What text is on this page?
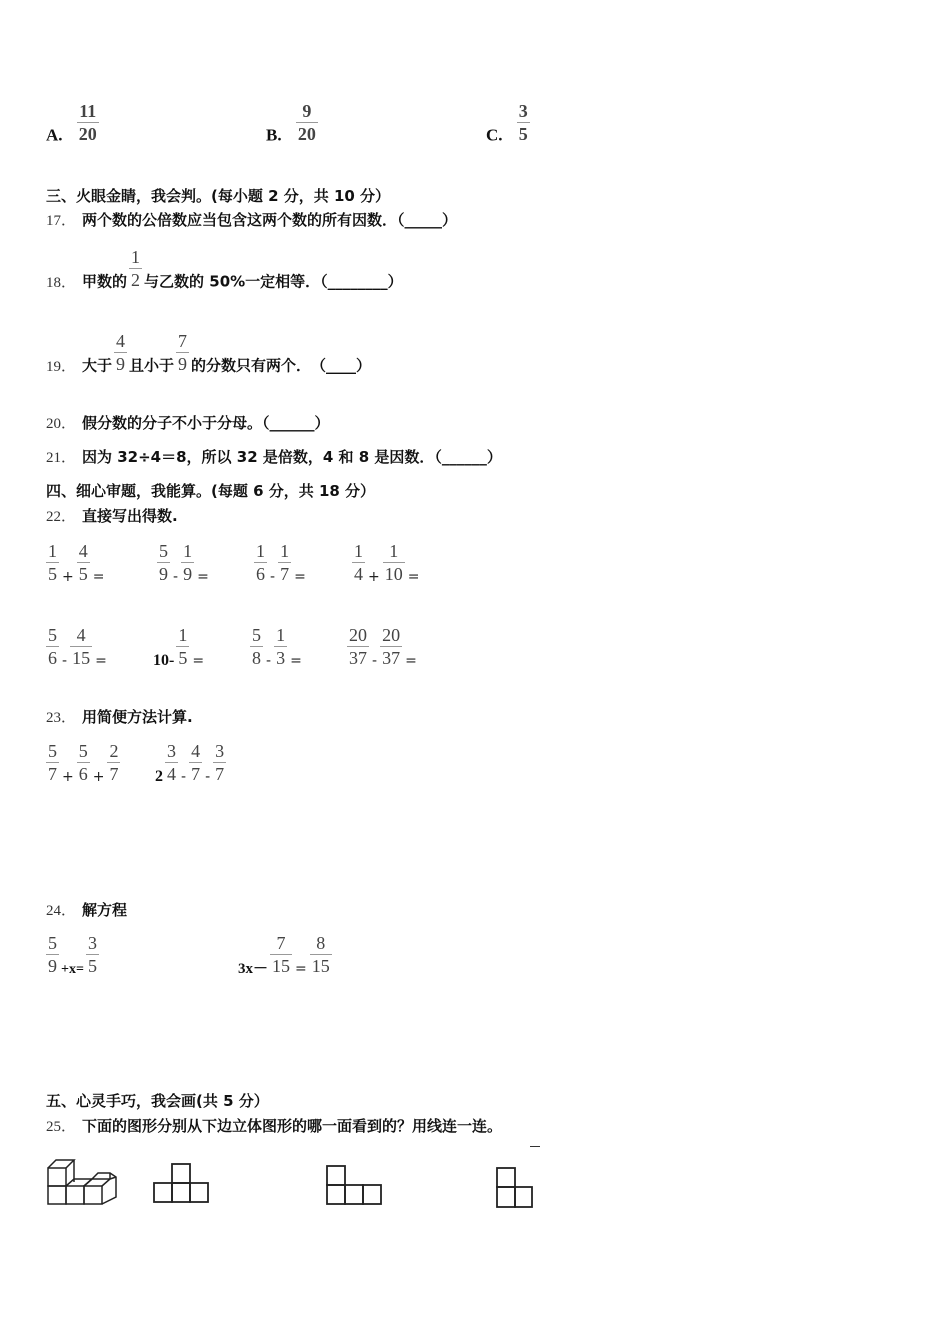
A. $\frac{11}{20}$	B. $\frac{9}{20}$	C. $\frac{3}{5}$
三、火眼金睛，我会判。(每小题 2 分，共 10 分）
17． 两个数的公倍数应当包含这两个数的所有因数．（_____）
18． 甲数的 $\frac{1}{2}$ 与乙数的 50%一定相等．（________）
19． 大于 $\frac{4}{9}$ 且小于 $\frac{7}{9}$ 的分数只有两个．　（____）
20． 假分数的分子不小于分母。（______）
21． 因为 32÷4＝8，所以 32 是倍数，4 和 8 是因数．（______）
四、细心审题，我能算。(每题 6 分，共 18 分）
22． 直接写出得数.
$\frac{1}{5} + \frac{4}{5}$ =	$\frac{5}{9} - \frac{1}{9}$ =	$\frac{1}{6} - \frac{1}{7}$ =	$\frac{1}{4} + \frac{1}{10}$ =
$\frac{5}{6} - \frac{4}{15}$ =	$10- \frac{1}{5}$ =	$\frac{5}{8} - \frac{1}{3}$ =	$\frac{20}{37} - \frac{20}{37}$ =
23． 用简便方法计算.
$\frac{5}{7} + \frac{5}{6} + \frac{2}{7} 2 \frac{3}{4} - \frac{4}{7} - \frac{3}{7}$
24． 解方程
$\frac{5}{9} +x= \frac{3}{5}$	$3x- \frac{7}{15} = \frac{8}{15}$
五、心灵手巧，我会画(共 5 分）
25． 下面的图形分别从下边立体图形的哪一面看到的？用线连一连。
